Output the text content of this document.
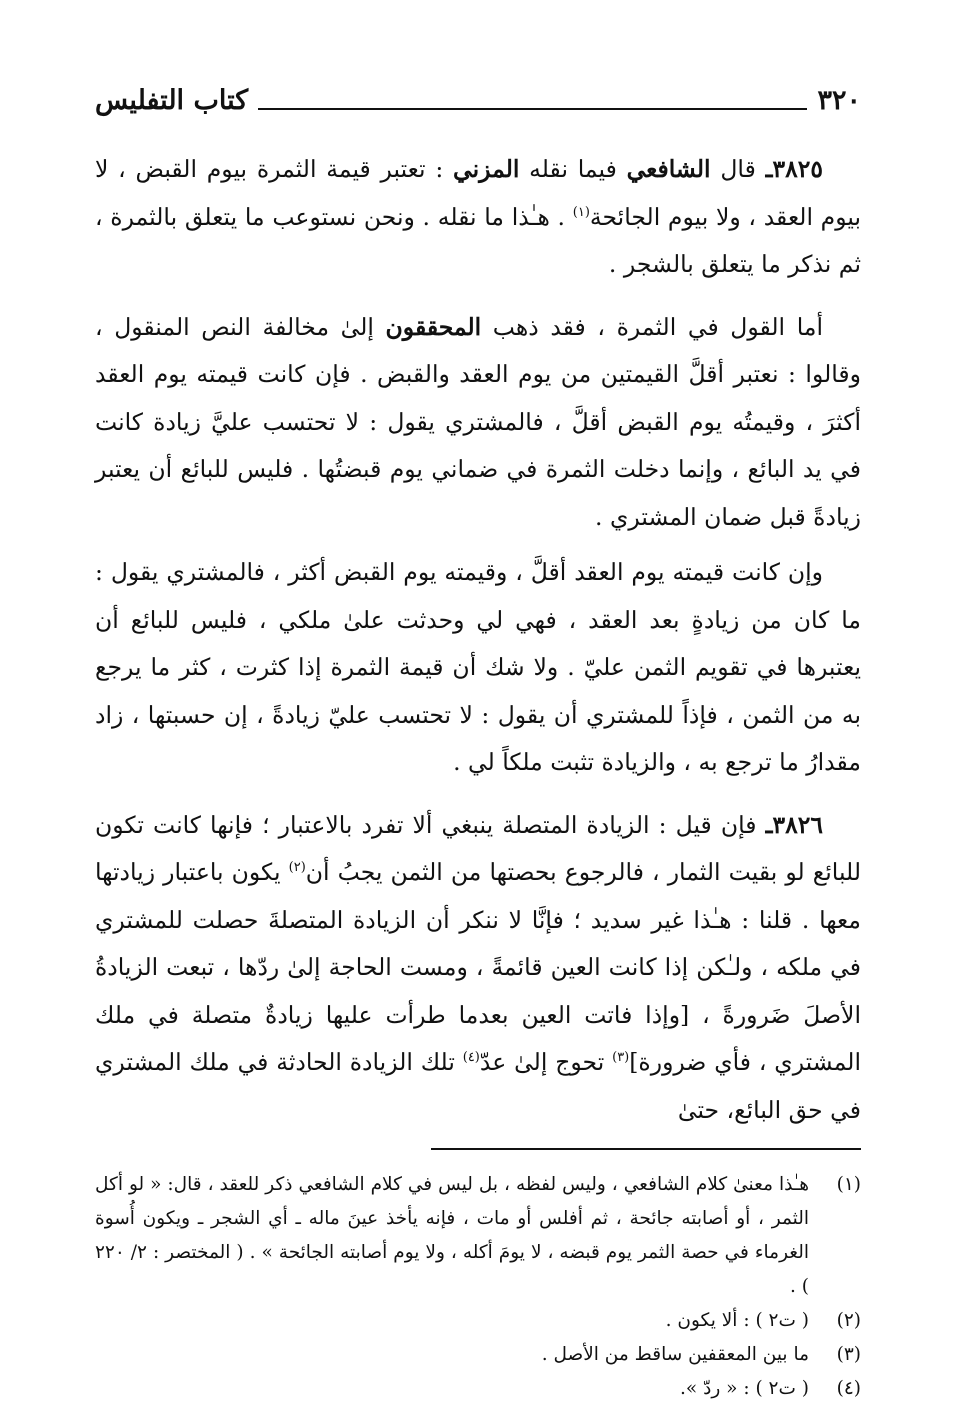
٣٢٠
كتاب التفليس

٣٨٢٥ـ قال الشافعي فيما نقله المزني : تعتبر قيمة الثمرة بيوم القبض ، لا بيوم العقد ، ولا بيوم الجائحة$^{(١)}$ . هـٰذا ما نقله . ونحن نستوعب ما يتعلق بالثمرة ، ثم نذكر ما يتعلق بالشجر .

أما القول في الثمرة ، فقد ذهب المحققون إلىٰ مخالفة النص المنقول ، وقالوا : نعتبر أقلَّ القيمتين من يوم العقد والقبض . فإن كانت قيمته يوم العقد أكثرَ ، وقيمتُه يوم القبض أقلَّ ، فالمشتري يقول : لا تحتسب عليَّ زيادة كانت في يد البائع ، وإنما دخلت الثمرة في ضماني يوم قبضتُها . فليس للبائع أن يعتبر زيادةً قبل ضمان المشتري .

وإن كانت قيمته يوم العقد أقلَّ ، وقيمته يوم القبض أكثر ، فالمشتري يقول : ما كان من زيادةٍ بعد العقد ، فهي لي وحدثت علىٰ ملكي ، فليس للبائع أن يعتبرها في تقويم الثمن عليّ . ولا شك أن قيمة الثمرة إذا كثرت ، كثر ما يرجع به من الثمن ، فإذاً للمشتري أن يقول : لا تحتسب عليّ زيادةً ، إن حسبتها ، زاد مقدارُ ما ترجع به ، والزيادة تثبت ملكاً لي .

٣٨٢٦ـ فإن قيل : الزيادة المتصلة ينبغي ألا تفرد بالاعتبار ؛ فإنها كانت تكون للبائع لو بقيت الثمار ، فالرجوع بحصتها من الثمن يجبُ أن$^{(٢)}$ يكون باعتبار زيادتها معها . قلنا : هـٰذا غير سديد ؛ فإنَّا لا ننكر أن الزيادة المتصلةَ حصلت للمشتري في ملكه ، ولـٰكن إذا كانت العين قائمةً ، ومست الحاجة إلىٰ ردّها ، تبعت الزيادةُ الأصلَ ضَرورةً ، [وإذا فاتت العين بعدما طرأت عليها زيادةٌ متصلة في ملك المشتري ، فأي ضرورة]$^{(٣)}$ تحوج إلىٰ عدّ$^{(٤)}$ تلك الزيادة الحادثة في ملك المشتري في حق البائع، حتىٰ

(١)
هـٰذا معنىٰ كلام الشافعي ، وليس لفظه ، بل ليس في كلام الشافعي ذكر للعقد ، قال: « لو أكل الثمر ، أو أصابته جائحة ، ثم أفلس أو مات ، فإنه يأخذ عينَ ماله ـ أي الشجر ـ ويكون أُسوة الغرماء في حصة الثمر يوم قبضه ، لا يومَ أكله ، ولا يوم أصابته الجائحة » . ( المختصر : ٢/ ٢٢٠ ) .
(٢)
( ت٢ ) : ألا يكون .
(٣)
ما بين المعقفين ساقط من الأصل .
(٤)
( ت٢ ) : « ردّ ».
